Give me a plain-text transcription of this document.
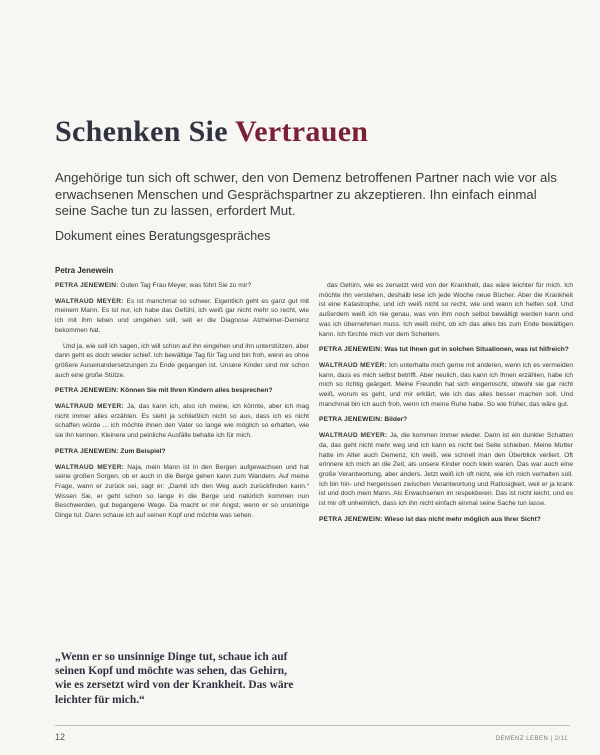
Schenken Sie Vertrauen

Angehörige tun sich oft schwer, den von Demenz betroffenen Partner nach wie vor als erwachsenen Menschen und Gesprächspartner zu akzeptieren. Ihn einfach einmal seine Sache tun zu lassen, erfordert Mut.

Dokument eines Beratungsgespräches

Petra Jenewein

PETRA JENEWEIN: Guten Tag Frau Meyer, was führt Sie zu mir?

WALTRAUD MEYER: Es ist manchmal so schwer. Eigentlich geht es ganz gut mit meinem Mann. Es ist nur, ich habe das Gefühl, ich weiß gar nicht mehr so recht, wie ich mit ihm leben und umgehen soll, seit er die Diagnose Alzheimer-Demenz bekommen hat.

Und ja, wie soll ich sagen, ich will schon auf ihn eingehen und ihn unterstützen, aber dann geht es doch wieder schief. Ich bewältige Tag für Tag und bin froh, wenn es ohne größere Auseinandersetzungen zu Ende gegangen ist. Unsere Kinder sind mir schon auch eine große Stütze.

PETRA JENEWEIN: Können Sie mit Ihren Kindern alles besprechen?

WALTRAUD MEYER: Ja, das kann ich, also ich meine, ich könnte, aber ich mag nicht immer alles erzählen. Es sieht ja schließlich nicht so aus, dass ich es nicht schaffen würde ... ich möchte ihnen den Vater so lange wie möglich so erhalten, wie sie ihn kennen. Kleinere und peinliche Ausfälle behalte ich für mich.

PETRA JENEWEIN: Zum Beispiel?

WALTRAUD MEYER: Naja, mein Mann ist in den Bergen aufgewachsen und hat seine großen Sorgen, ob er auch in die Berge gehen kann zum Wandern. Auf meine Frage, wann er zurück sei, sagt er: „Damit ich den Weg auch zurückfinden kann.“ Wissen Sie, er geht schon so lange in die Berge und natürlich kommen nun Beschwerden, gut begangene Wege. Da macht er mir Angst, wenn er so unsinnige Dinge tut. Dann schaue ich auf seinen Kopf und möchte was sehen.

das Gehirn, wie es zersetzt wird von der Krankheit, das wäre leichter für mich. Ich möchte ihn verstehen, deshalb lese ich jede Woche neue Bücher. Aber die Krankheit ist eine Katastrophe, und ich weiß nicht so recht, wie und wann ich helfen soll. Und außerdem weiß ich nie genau, was von ihm noch selbst bewältigt werden kann und was ich übernehmen muss. Ich weiß nicht, ob ich das alles bis zum Ende bewältigen kann. Ich fürchte mich vor dem Scheitern.

PETRA JENEWEIN: Was tut Ihnen gut in solchen Situationen, was ist hilfreich?

WALTRAUD MEYER: Ich unterhalte mich gerne mit anderen, wenn ich es vermeiden kann, dass es mich selbst betrifft. Aber neulich, das kann ich Ihnen erzählen, habe ich mich so richtig geärgert. Meine Freundin hat sich eingemischt, obwohl sie gar nicht weiß, worum es geht, und mir erklärt, wie ich das alles besser machen soll. Und manchmal bin ich auch froh, wenn ich meine Ruhe habe. So wie früher, das wäre gut.

PETRA JENEWEIN: Bilder?

WALTRAUD MEYER: Ja, die kommen immer wieder. Dann ist ein dunkler Schatten da, das geht nicht mehr weg und ich kann es nicht bei Seite schieben. Meine Mutter hatte im Alter auch Demenz, ich weiß, wie schnell man den Überblick verliert. Oft erinnere ich mich an die Zeit, als unsere Kinder noch klein waren. Das war auch eine große Verantwortung, aber anders. Jetzt weiß ich oft nicht, wie ich mich verhalten soll. Ich bin hin- und hergerissen zwischen Verantwortung und Ratlosigkeit, weil er ja krank ist und doch mein Mann. Als Erwachsenen im respektieren. Das ist nicht leicht, und es ist mir oft unheimlich, dass ich ihn nicht einfach einmal seine Sache tun lasse.

PETRA JENEWEIN: Wieso ist das nicht mehr möglich aus Ihrer Sicht?

„Wenn er so unsinnige Dinge tut, schaue ich auf seinen Kopf und möchte was sehen, das Gehirn, wie es zersetzt wird von der Krankheit. Das wäre leichter für mich.“

12	DEMENZ LEBEN | 2/11
